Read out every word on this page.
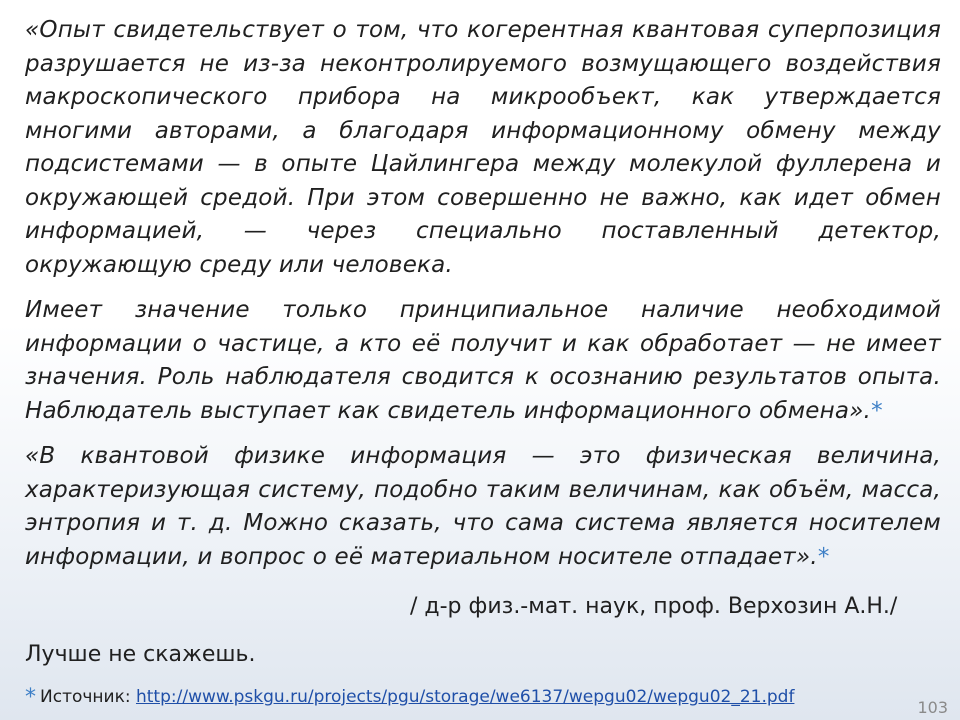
«Опыт свидетельствует о том, что когерентная квантовая суперпозиция разрушается не из-за неконтролируемого возмущающего воздействия макроскопического прибора на микрообъект, как утверждается многими авторами, а благодаря информационному обмену между подсистемами — в опыте Цайлингера между молекулой фуллерена и окружающей средой. При этом совершенно не важно, как идет обмен информацией, — через специально поставленный детектор, окружающую среду или человека.

Имеет значение только принципиальное наличие необходимой информации о частице, а кто её получит и как обработает — не имеет значения. Роль наблюдателя сводится к осознанию результатов опыта. Наблюдатель выступает как свидетель информационного обмена».*

«В квантовой физике информация — это физическая величина, характеризующая систему, подобно таким величинам, как объём, масса, энтропия и т. д. Можно сказать, что сама система является носителем информации, и вопрос о её материальном носителе отпадает».*

/ д-р физ.-мат. наук, проф. Верхозин А.Н./
Лучше не скажешь.
* Источник: http://www.pskgu.ru/projects/pgu/storage/we6137/wepgu02/wepgu02_21.pdf
103
